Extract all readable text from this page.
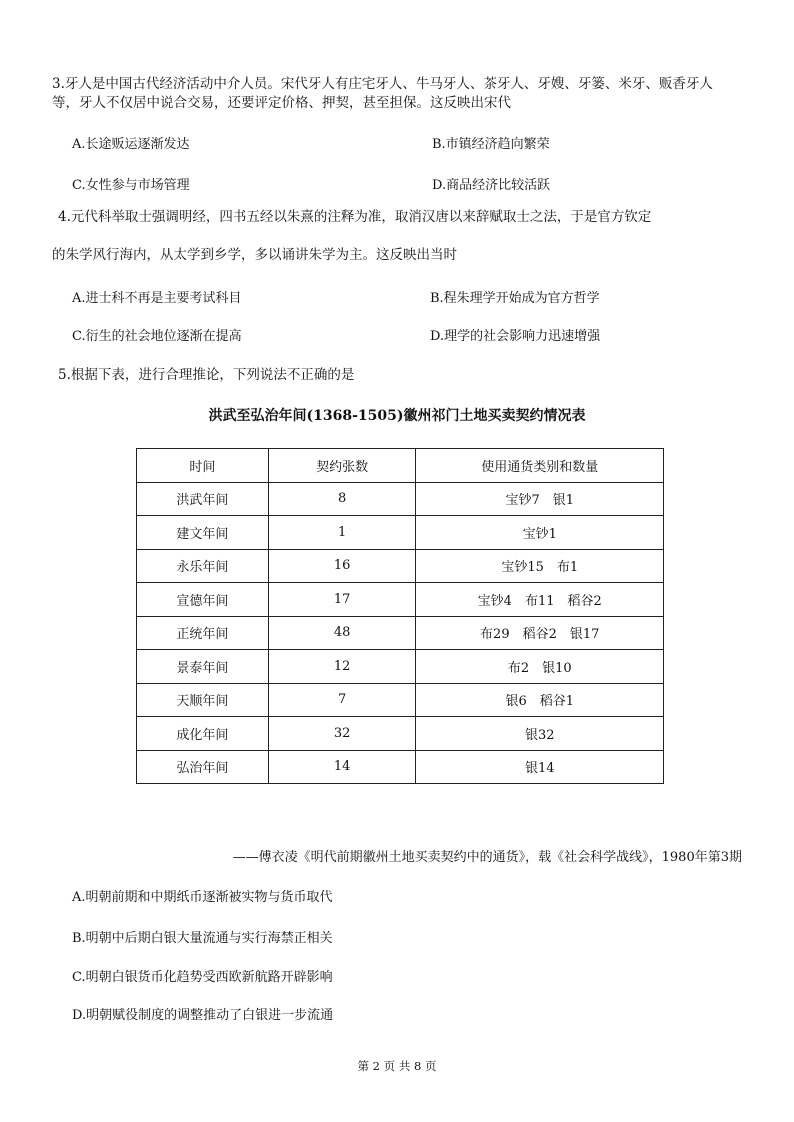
3.牙人是中国古代经济活动中介人员。宋代牙人有庄宅牙人、牛马牙人、茶牙人、牙嫂、牙篓、米牙、贩香牙人
等，牙人不仅居中说合交易，还要评定价格、押契，甚至担保。这反映出宋代
A.长途贩运逐渐发达	B.市镇经济趋向繁荣
C.女性参与市场管理	D.商品经济比较活跃
4.元代科举取士强调明经，四书五经以朱熹的注释为准，取消汉唐以来辞赋取士之法，于是官方钦定
的朱学风行海内，从太学到乡学，多以诵讲朱学为主。这反映出当时
A.进士科不再是主要考试科目	B.程朱理学开始成为官方哲学
C.衍生的社会地位逐渐在提高	D.理学的社会影响力迅速增强
5.根据下表，进行合理推论，下列说法不正确的是
洪武至弘治年间(1368-1505)徽州祁门土地买卖契约情况表
时间	契约张数	使用通货类别和数量
洪武年间	8	宝钞7　银1
建文年间	1	宝钞1
永乐年间	16	宝钞15　布1
宣德年间	17	宝钞4　布11　稻谷2
正统年间	48	布29　稻谷2　银17
景泰年间	12	布2　银10
天顺年间	7	银6　稻谷1
成化年间	32	银32
弘治年间	14	银14
——傅衣凌《明代前期徽州土地买卖契约中的通货》，载《社会科学战线》，1980年第3期
A.明朝前期和中期纸币逐渐被实物与货币取代
B.明朝中后期白银大量流通与实行海禁正相关
C.明朝白银货币化趋势受西欧新航路开辟影响
D.明朝赋役制度的调整推动了白银进一步流通
第 2 页 共 8 页
